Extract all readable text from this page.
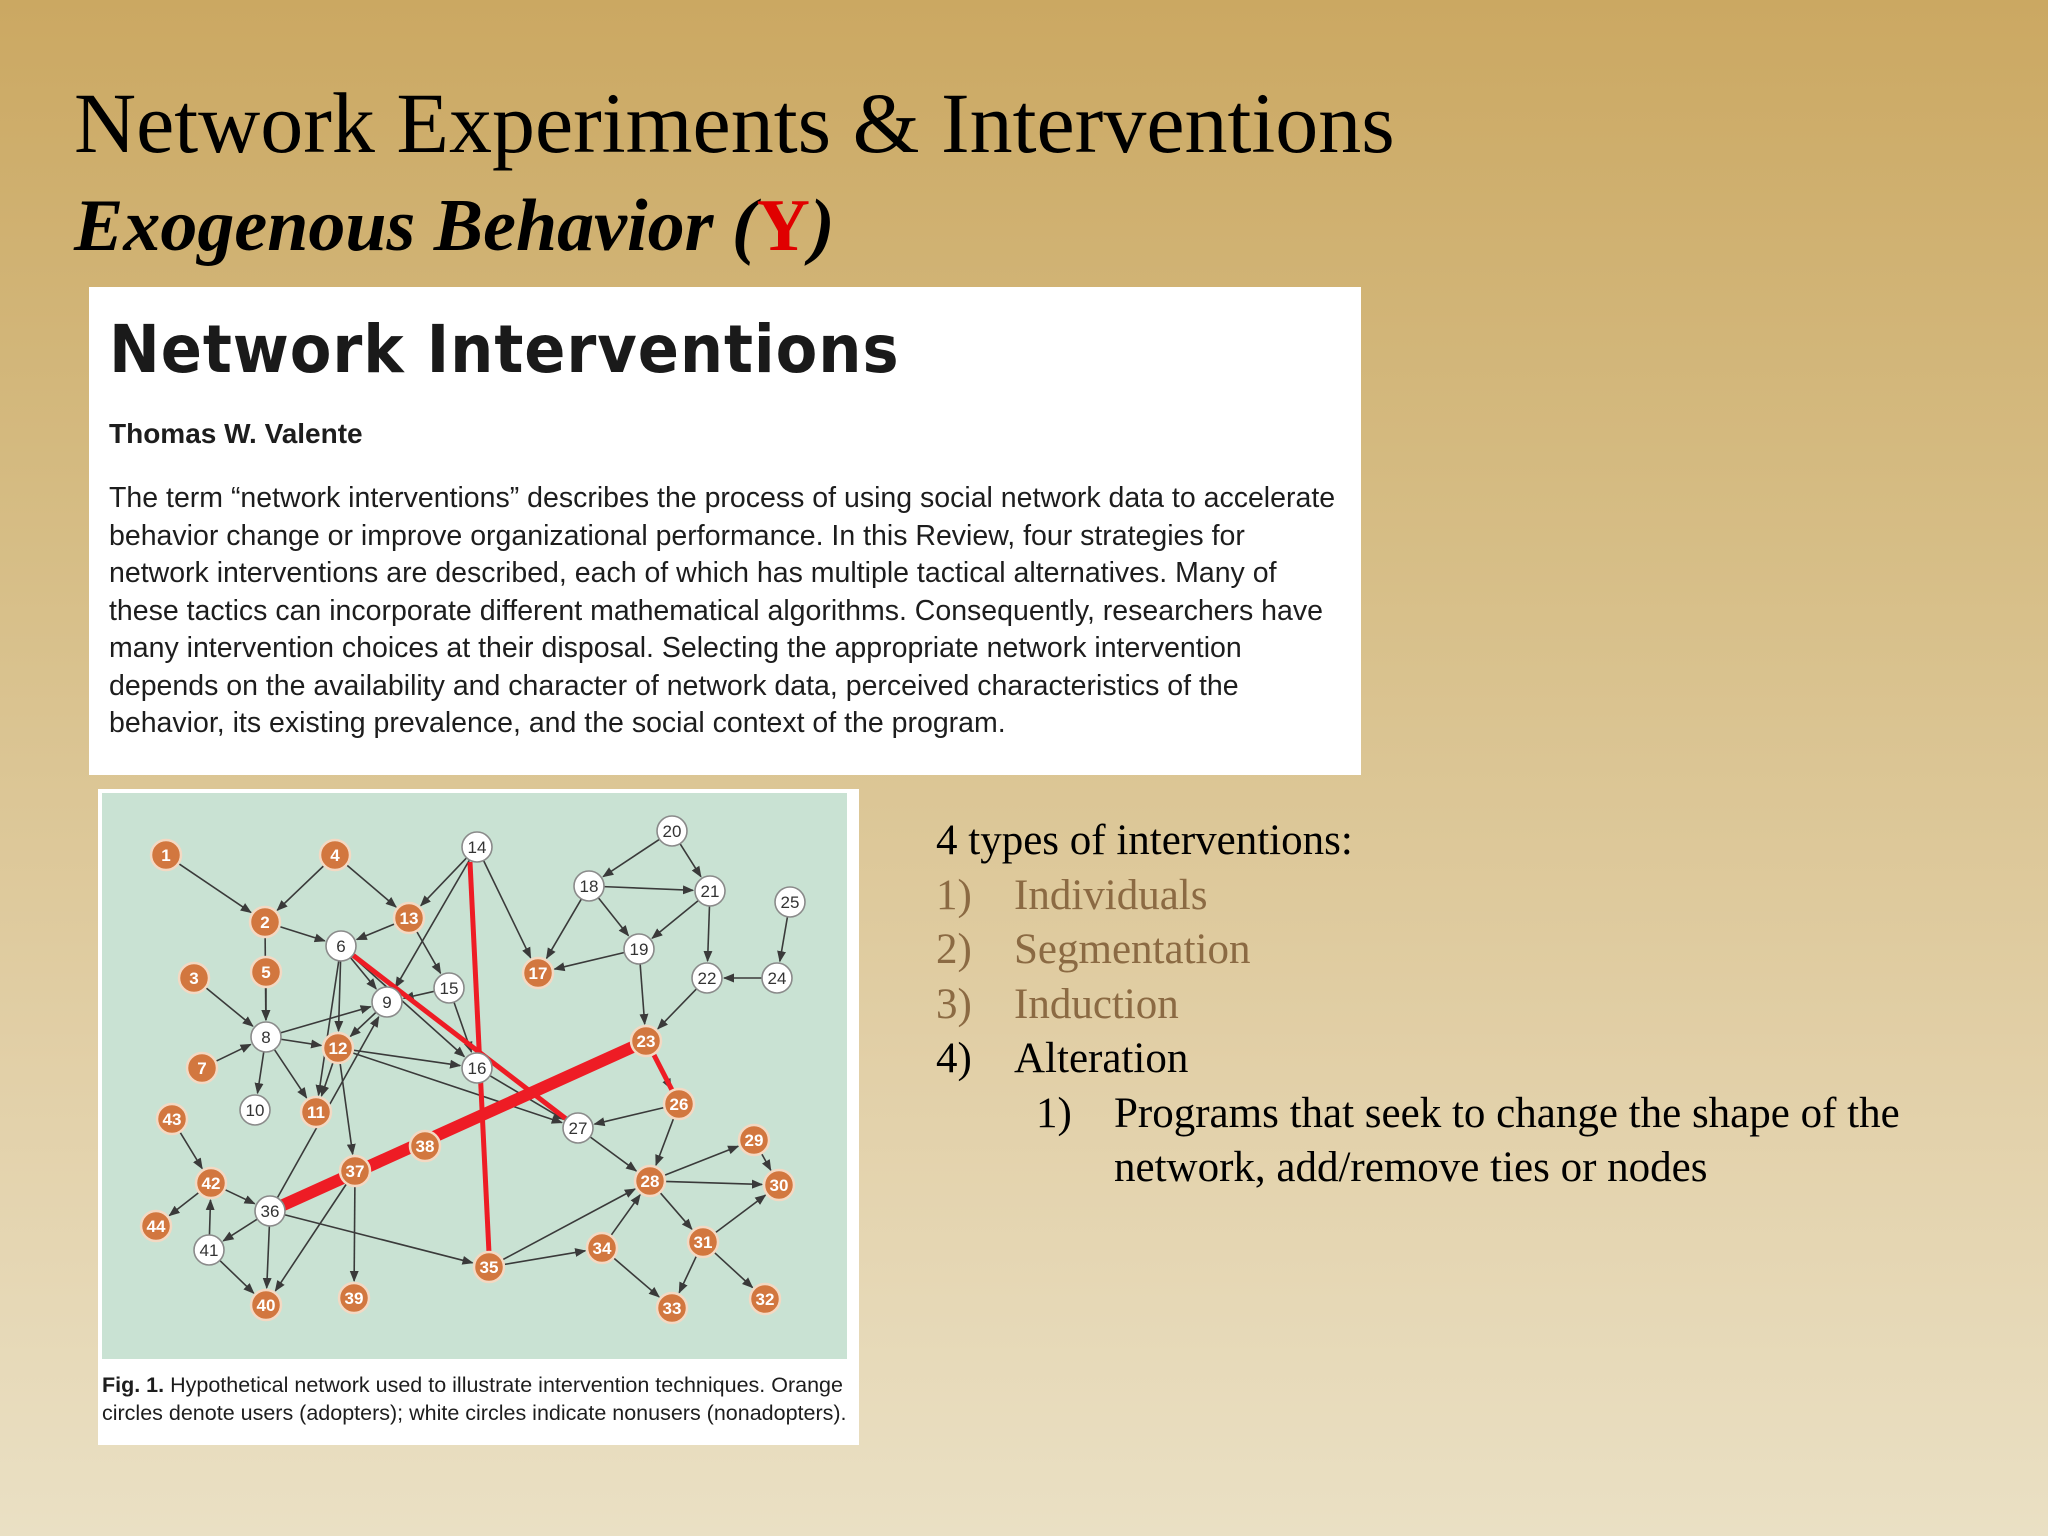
Network Experiments & Interventions
Exogenous Behavior (Y)
Network Interventions
Thomas W. Valente
The term “network interventions” describes the process of using social network data to accelerate behavior change or improve organizational performance. In this Review, four strategies for network interventions are described, each of which has multiple tactical alternatives. Many of these tactics can incorporate different mathematical algorithms. Consequently, researchers have many intervention choices at their disposal. Selecting the appropriate network intervention depends on the availability and character of network data, perceived characteristics of the behavior, its existing prevalence, and the social context of the program.
1
2
3
4
5
6
7
8
9
10	11
12
13
14
15
16
17
18
19
20
21
22
23
24
25
26
27
28
29
30
31
32
33
34
35
36
37
38
39
40
41
42
43
44
Fig. 1. Hypothetical network used to illustrate intervention techniques. Orange circles denote users (adopters); white circles indicate nonusers (nonadopters).
4 types of interventions:
1) Individuals
2) Segmentation
3) Induction
4) Alteration
1) Programs that seek to change the shape of the network, add/remove ties or nodes
